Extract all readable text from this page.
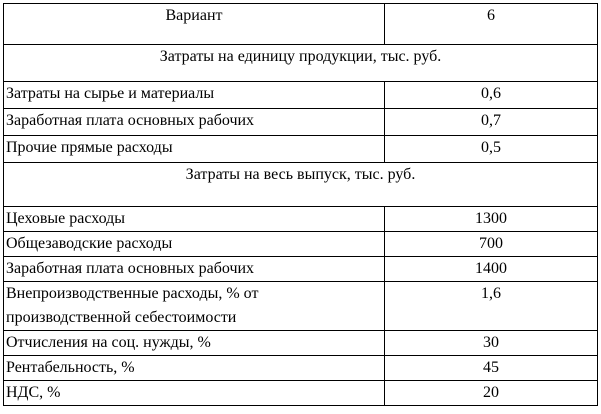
Вариант	6
Затраты на единицу продукции, тыс. руб.	
Затраты на сырье и материалы	0,6
Заработная плата основных рабочих	0,7
Прочие прямые расходы	0,5
Затраты на весь выпуск, тыс. руб.	
Цеховые расходы	1300
Общезаводские расходы	700
Заработная плата основных рабочих	1400

Внепроизводственные расходы, % от
производственной себестоимости	1,6
Отчисления на соц. нужды, %	30
Рентабельность, %	45
НДС, %	20
